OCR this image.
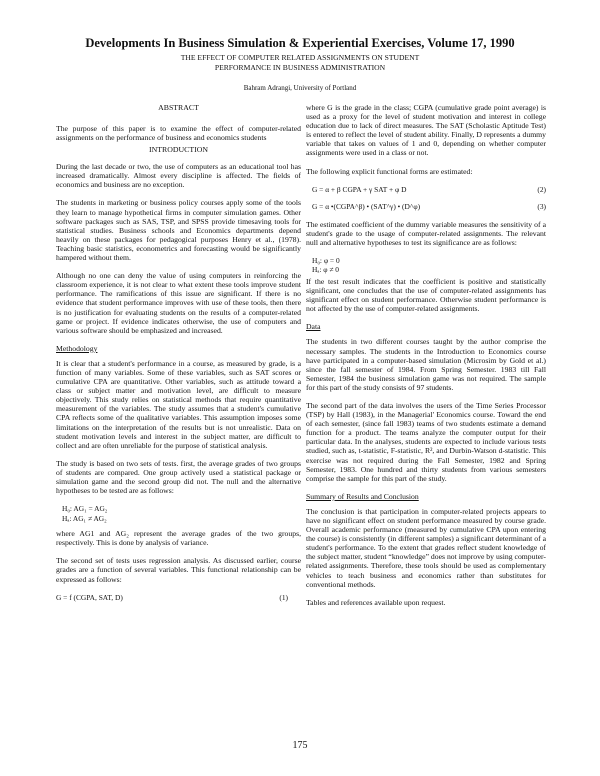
Developments In Business Simulation & Experiential Exercises, Volume 17, 1990
THE EFFECT OF COMPUTER RELATED ASSIGNMENTS ON STUDENT
PERFORMANCE IN BUSINESS ADMINISTRATION
Bahram Adrangi, University of Portland
ABSTRACT
The purpose of this paper is to examine the effect of computer-related assignments on the performance of business and economics students
INTRODUCTION
During the last decade or two, the use of computers as an educational tool has increased dramatically. Almost every discipline is affected. The fields of economics and business are no exception.
The students in marketing or business policy courses apply some of the tools they learn to manage hypothetical firms in computer simulation games. Other software packages such as SAS, TSP, and SPSS provide timesaving tools for statistical studies. Business schools and Economics departments depend heavily on these packages for pedagogical purposes Henry et al., (1978). Teaching basic statistics, econometrics and forecasting would be significantly hampered without them.
Although no one can deny the value of using computers in reinforcing the classroom experience, it is not clear to what extent these tools improve student performance. The ramifications of this issue are significant. If there is no evidence that student performance improves with use of these tools, then there is no justification for evaluating students on the results of a computer-related game or project. If evidence indicates otherwise, the use of computers and various software should be emphasized and increased.
Methodology
It is clear that a student's performance in a course, as measured by grade, is a function of many variables. Some of these variables, such as SAT scores or cumulative CPA are quantitative. Other variables, such as attitude toward a class or subject matter and motivation level, are difficult to measure objectively. This study relies on statistical methods that require quantitative measurement of the variables. The study assumes that a student's cumulative CPA reflects some of the qualitative variables. This assumption imposes some limitations on the interpretation of the results but is not unrealistic. Data on student motivation levels and interest in the subject matter, are difficult to collect and are often unreliable for the purpose of statistical analysis.
The study is based on two sets of tests. first, the average grades of two groups of students are compared. One group actively used a statistical package or simulation game and the second group did not. The null and the alternative hypotheses to be tested are as follows:
H₀: AG₁ = AG₂
Hₐ: AG₁ ≠ AG₂
where AG1 and AG₂ represent the average grades of the two groups, respectively. This is done by analysis of variance.
The second set of tests uses regression analysis. As discussed earlier, course grades are a function of several variables. This functional relationship can be expressed as follows:
G = f (CGPA, SAT, D)	(1)
where G is the grade in the class; CGPA (cumulative grade point average) is used as a proxy for the level of student motivation and interest in college education due to lack of direct measures. The SAT (Scholastic Aptitude Test) is entered to reflect the level of student ability. Finally, D represents a dummy variable that takes on values of 1 and 0, depending on whether computer assignments were used in a class or not.
The following explicit functional forms are estimated:
G = α + β CGPA + γ SAT + φ D	(2)
G = α •(CGPA^β) • (SAT^γ) • (D^φ)	(3)
The estimated coefficient of the dummy variable measures the sensitivity of a student's grade to the usage of computer-related assignments. The relevant null and alternative hypotheses to test its significance are as follows:
H₀: φ = 0
Hₐ: φ ≠ 0
If the test result indicates that the coefficient is positive and statistically significant, one concludes that the use of computer-related assignments has significant effect on student performance. Otherwise student performance is not affected by the use of computer-related assignments.
Data
The students in two different courses taught by the author comprise the necessary samples. The students in the Introduction to Economics course have participated in a computer-based simulation (Microsim by Gold et al.) since the fall semester of 1984. From Spring Semester. 1983 till Fall Semester, 1984 the business simulation game was not required. The sample for this part of the study consists of 97 students.
The second part of the data involves the users of the Time Series Processor (TSP) by Hall (1983), in the Managerial' Economics course. Toward the end of each semester, (since fall 1983) teams of two students estimate a demand function for a product. The teams analyze the computer output for their particular data. In the analyses, students are expected to include various tests studied, such as, t-statistic, F-statistic, R², and Durbin-Watson d-statistic. This exercise was not required during the Fall Semester, 1982 and Spring Semester, 1983. One hundred and thirty students from various semesters comprise the sample for this part of the study.
Summary of Results and Conclusion
The conclusion is that participation in computer-related projects appears to have no significant effect on student performance measured by course grade. Overall academic performance (measured by cumulative CPA upon entering the course) is consistently (in different samples) a significant determinant of a student's performance. To the extent that grades reflect student knowledge of the subject matter, student “knowledge” does not improve by using computer-related assignments. Therefore, these tools should be used as complementary vehicles to teach business and economics rather than substitutes for conventional methods.
Tables and references available upon request.
175
